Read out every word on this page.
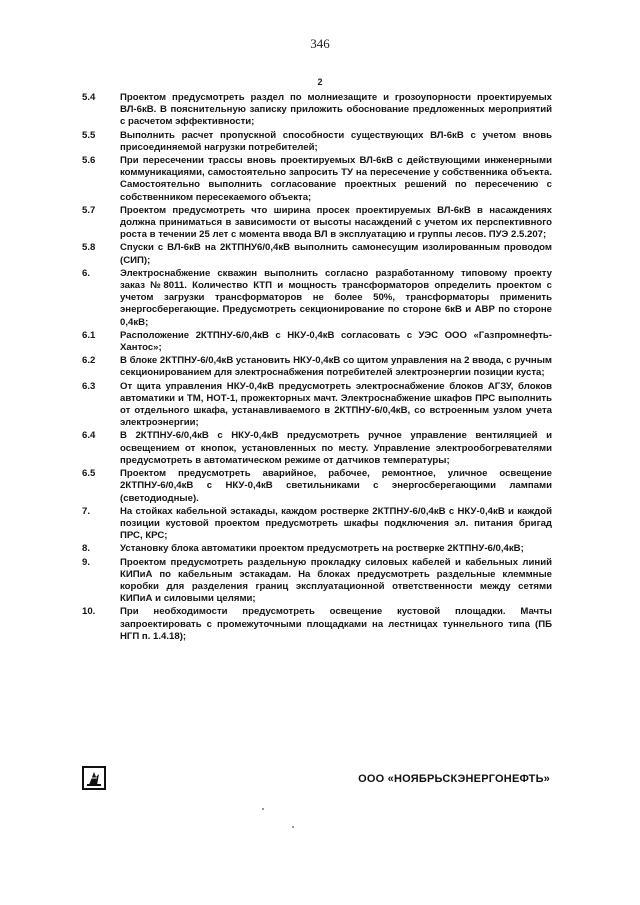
346
2
5.4	Проектом предусмотреть раздел по молниезащите и грозоупорности проектируемых ВЛ-6кВ. В пояснительную записку приложить обоснование предложенных мероприятий с расчетом эффективности;
5.5	Выполнить расчет пропускной способности существующих ВЛ-6кВ с учетом вновь присоединяемой нагрузки потребителей;
5.6	При пересечении трассы вновь проектируемых ВЛ-6кВ с действующими инженерными коммуникациями, самостоятельно запросить ТУ на пересечение у собственника объекта. Самостоятельно выполнить согласование проектных решений по пересечению с собственником пересекаемого объекта;
5.7	Проектом предусмотреть что ширина просек проектируемых ВЛ-6кВ в насаждениях должна приниматься в зависимости от высоты насаждений с учетом их перспективного роста в течении 25 лет с момента ввода ВЛ в эксплуатацию и группы лесов. ПУЭ 2.5.207;
5.8	Спуски с ВЛ-6кВ на 2КТПНУ6/0,4кВ выполнить самонесущим изолированным проводом (СИП);
6.	Электроснабжение скважин выполнить согласно разработанному типовому проекту заказ №8011. Количество КТП и мощность трансформаторов определить проектом с учетом загрузки трансформаторов не более 50%, трансформаторы применить энергосберегающие. Предусмотреть секционирование по стороне 6кВ и АВР по стороне 0,4кВ;
6.1	Расположение 2КТПНУ-6/0,4кВ с НКУ-0,4кВ согласовать с УЭС ООО «Газпромнефть-Хантос»;
6.2	В блоке 2КТПНУ-6/0,4кВ установить НКУ-0,4кВ со щитом управления на 2 ввода, с ручным секционированием для электроснабжения потребителей электроэнергии позиции куста;
6.3	От щита управления НКУ-0,4кВ предусмотреть электроснабжение блоков АГЗУ, блоков автоматики и ТМ, НОТ-1, прожекторных мачт. Электроснабжение шкафов ПРС выполнить от отдельного шкафа, устанавливаемого в 2КТПНУ-6/0,4кВ, со встроенным узлом учета электроэнергии;
6.4	В 2КТПНУ-6/0,4кВ с НКУ-0,4кВ предусмотреть ручное управление вентиляцией и освещением от кнопок, установленных по месту. Управление электрообогревателями предусмотреть в автоматическом режиме от датчиков температуры;
6.5	Проектом предусмотреть аварийное, рабочее, ремонтное, уличное освещение 2КТПНУ-6/0,4кВ с НКУ-0,4кВ светильниками с энергосберегающими лампами (светодиодные).
7.	На стойках кабельной эстакады, каждом ростверке 2КТПНУ-6/0,4кВ с НКУ-0,4кВ и каждой позиции кустовой проектом предусмотреть шкафы подключения эл. питания бригад ПРС, КРС;
8.	Установку блока автоматики проектом предусмотреть на ростверке 2КТПНУ-6/0,4кВ;
9.	Проектом предусмотреть раздельную прокладку силовых кабелей и кабельных линий КИПиА по кабельным эстакадам. На блоках предусмотреть раздельные клеммные коробки для разделения границ эксплуатационной ответственности между сетями КИПиА и силовыми целями;
10.	При необходимости предусмотреть освещение кустовой площадки. Мачты запроектировать с промежуточными площадками на лестницах туннельного типа (ПБ НГП п. 1.4.18);
ООО «НОЯБРЬСКЭНЕРГОНЕФТЬ»
